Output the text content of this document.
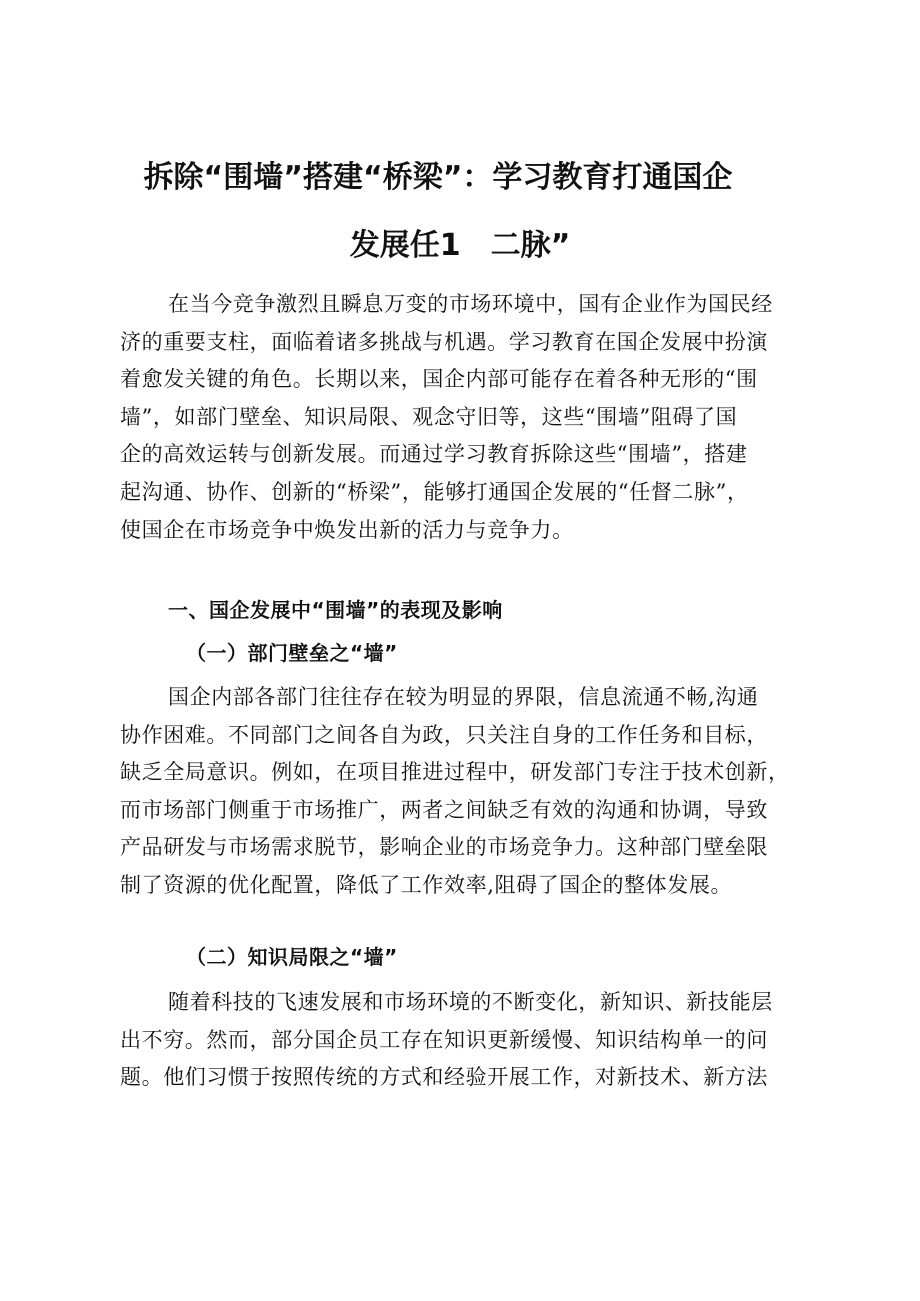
拆除“围墙”搭建“桥梁”：学习教育打通国企
发展任1　二脉”
在当今竞争激烈且瞬息万变的市场环境中，国有企业作为国民经
济的重要支柱，面临着诸多挑战与机遇。学习教育在国企发展中扮演
着愈发关键的角色。长期以来，国企内部可能存在着各种无形的“围
墙”，如部门壁垒、知识局限、观念守旧等，这些“围墙”阻碍了国
企的高效运转与创新发展。而通过学习教育拆除这些“围墙”，搭建
起沟通、协作、创新的“桥梁”，能够打通国企发展的“任督二脉”，
使国企在市场竞争中焕发出新的活力与竞争力。
一、国企发展中“围墙”的表现及影响
（一）部门壁垒之“墙”
国企内部各部门往往存在较为明显的界限，信息流通不畅,沟通
协作困难。不同部门之间各自为政，只关注自身的工作任务和目标，
缺乏全局意识。例如，在项目推进过程中，研发部门专注于技术创新，
而市场部门侧重于市场推广，两者之间缺乏有效的沟通和协调，导致
产品研发与市场需求脱节，影响企业的市场竞争力。这种部门壁垒限
制了资源的优化配置，降低了工作效率,阻碍了国企的整体发展。
（二）知识局限之“墙”
随着科技的飞速发展和市场环境的不断变化，新知识、新技能层
出不穷。然而，部分国企员工存在知识更新缓慢、知识结构单一的问
题。他们习惯于按照传统的方式和经验开展工作，对新技术、新方法
